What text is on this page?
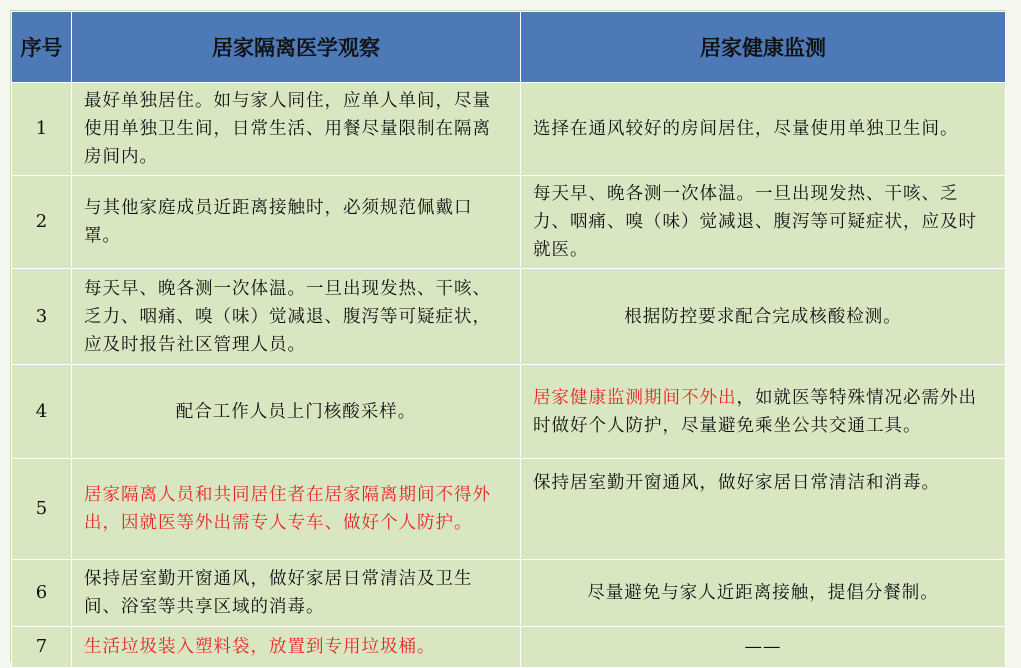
序号	居家隔离医学观察	居家健康监测
1	最好单独居住。如与家人同住，应单人单间，尽量使用单独卫生间，日常生活、用餐尽量限制在隔离房间内。	选择在通风较好的房间居住，尽量使用单独卫生间。
2	与其他家庭成员近距离接触时，必须规范佩戴口罩。	每天早、晚各测一次体温。一旦出现发热、干咳、乏力、咽痛、嗅（味）觉减退、腹泻等可疑症状，应及时就医。
3	每天早、晚各测一次体温。一旦出现发热、干咳、乏力、咽痛、嗅（味）觉减退、腹泻等可疑症状，应及时报告社区管理人员。	根据防控要求配合完成核酸检测。
4	配合工作人员上门核酸采样。	居家健康监测期间不外出，如就医等特殊情况必需外出时做好个人防护，尽量避免乘坐公共交通工具。
5	居家隔离人员和共同居住者在居家隔离期间不得外出，因就医等外出需专人专车、做好个人防护。	保持居室勤开窗通风，做好家居日常清洁和消毒。
6	保持居室勤开窗通风，做好家居日常清洁及卫生间、浴室等共享区域的消毒。	尽量避免与家人近距离接触，提倡分餐制。
7	生活垃圾装入塑料袋，放置到专用垃圾桶。	——
